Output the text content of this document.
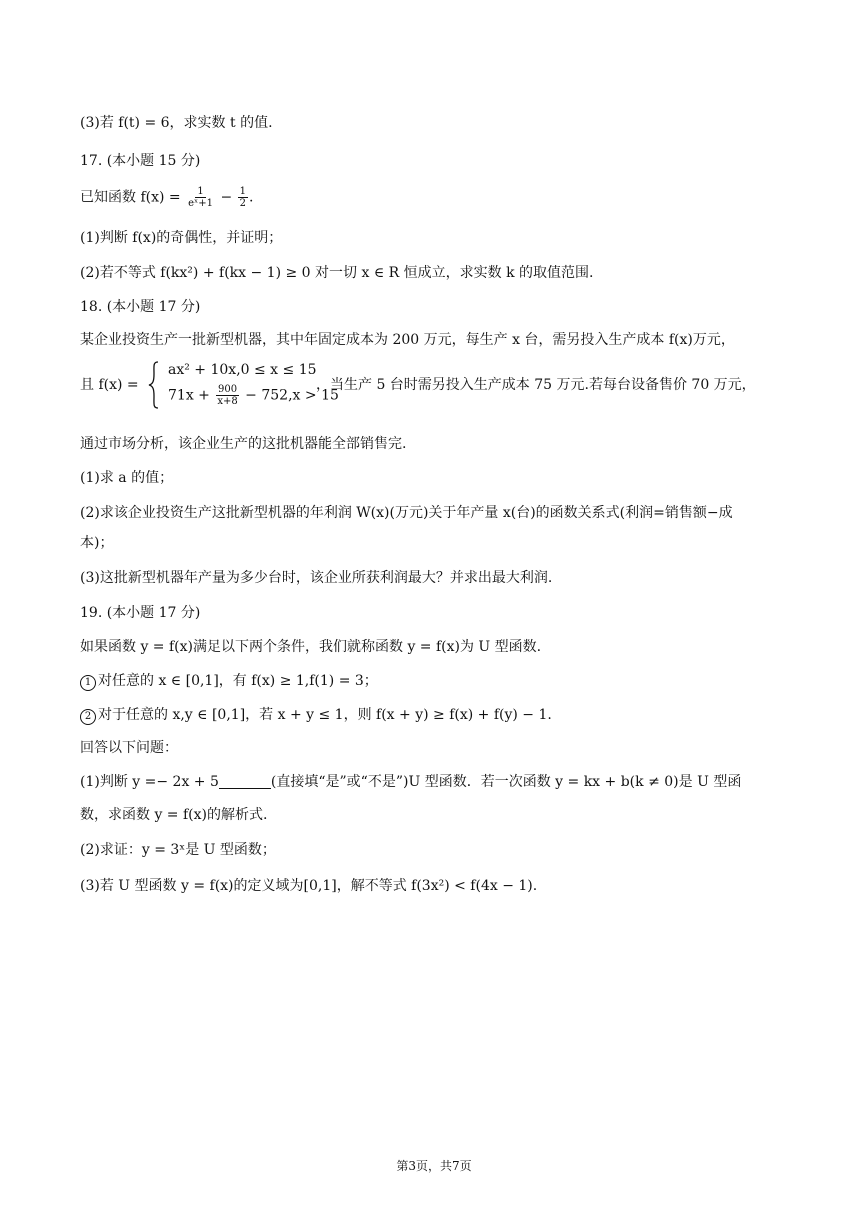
(3)若 f(t) = 6，求实数 t 的值.
17. (本小题 15 分)
已知函数 $f(x) = \frac{1}{\text{eˣ+1}} - \frac{1}{2}$ .
(1)判断 f(x)的奇偶性，并证明；
(2)若不等式 f(kx²) + f(kx − 1) ≥ 0 对一切 x ∈ R 恒成立，求实数 k 的取值范围.
18. (本小题 17 分)
某企业投资生产一批新型机器，其中年固定成本为 200 万元，每生产 x 台，需另投入生产成本 f(x)万元，
且 f(x) =
ax² + 10x,0 ≤ x ≤ 15
$71x + \frac{900}{x+8} - 752,x > 15$
，当生产 5 台时需另投入生产成本 75 万元.若每台设备售价 70 万元，
通过市场分析，该企业生产的这批机器能全部销售完.
(1)求 a 的值；
(2)求该企业投资生产这批新型机器的年利润 W(x)(万元)关于年产量 x(台)的函数关系式(利润=销售额−成
本)；
(3)这批新型机器年产量为多少台时，该企业所获利润最大？并求出最大利润.
19. (本小题 17 分)
如果函数 y = f(x)满足以下两个条件，我们就称函数 y = f(x)为 U 型函数.
1 对任意的 x ∈ [0,1]，有 f(x) ≥ 1,f(1) = 3；
2 对于任意的 x,y ∈ [0,1]，若 x + y ≤ 1，则 f(x + y) ≥ f(x) + f(y) − 1.
回答以下问题：
(1)判断 y =− 2x + 5	(直接填“是”或“不是”)U 型函数．若一次函数 y = kx + b(k ≠ 0)是 U 型函
数，求函数 y = f(x)的解析式.
(2)求证：y = 3ˣ是 U 型函数；
(3)若 U 型函数 y = f(x)的定义域为[0,1]，解不等式 f(3x²) < f(4x − 1).
第3页，共7页
